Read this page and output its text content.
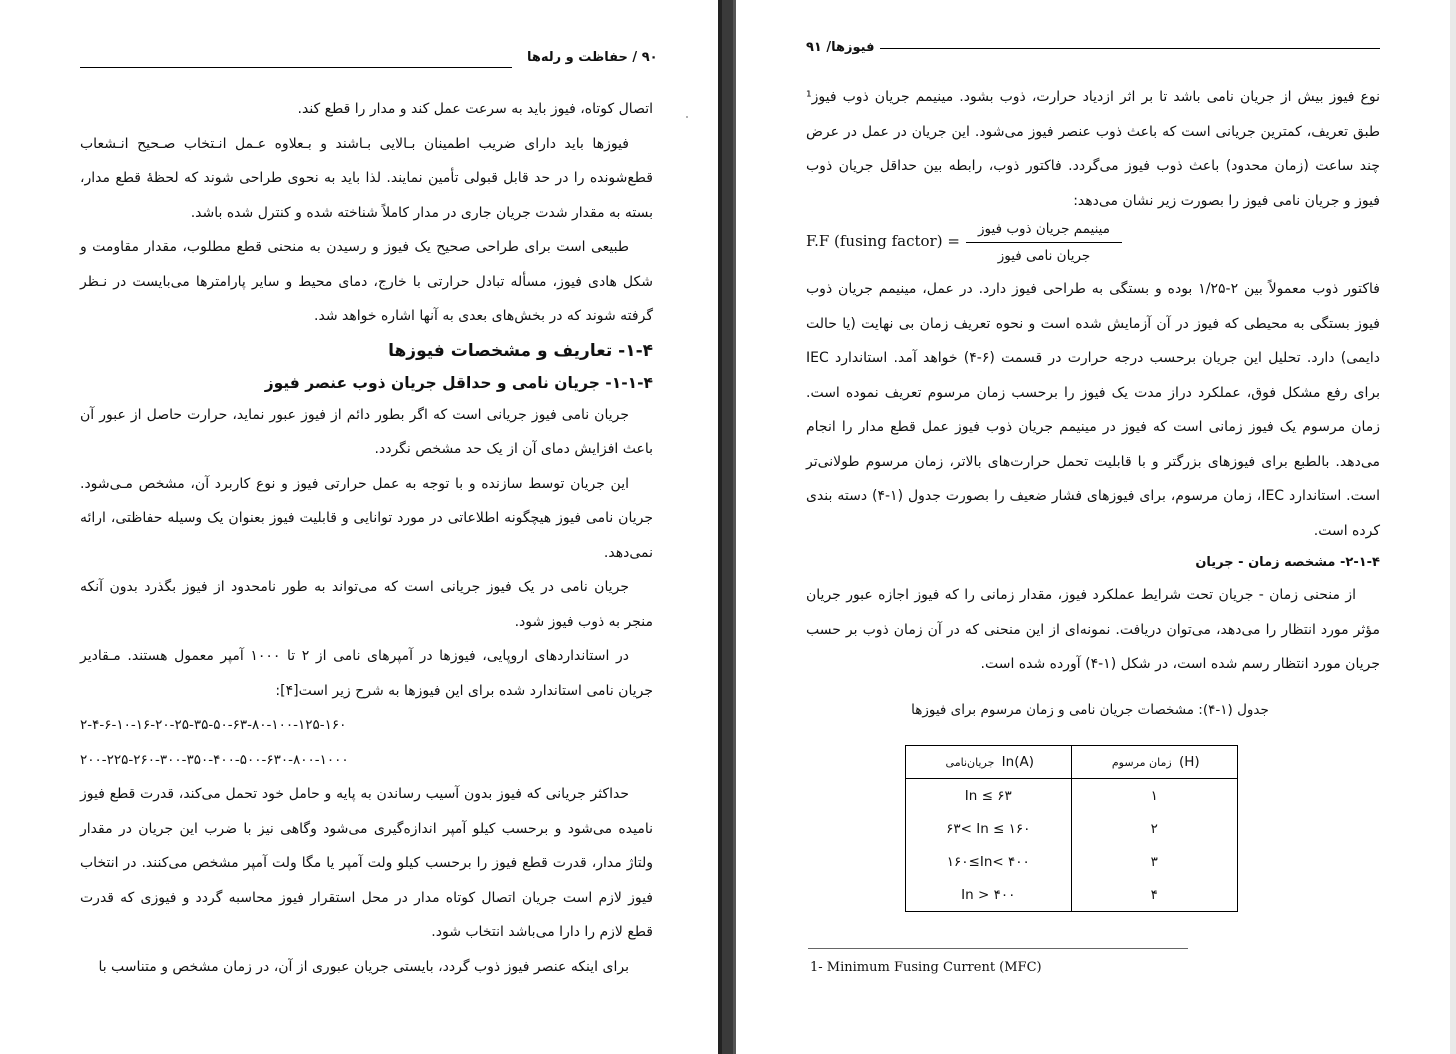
۹۰ / حفاظت و رله‌ها

اتصال کوتاه، فیوز باید به سرعت عمل کند و مدار را قطع کند.

فیوزها باید دارای ضریب اطمینان بـالایی بـاشند و بـعلاوه عـمل انـتخاب صـحیح انـشعاب قطع‌شونده را در حد قابل قبولی تأمین نمایند. لذا باید به نحوی طراحی شوند که لحظهٔ قطع مدار، بسته به مقدار شدت جریان جاری در مدار کاملاً شناخته شده و کنترل شده باشد.

طبیعی است برای طراحی صحیح یک فیوز و رسیدن به منحنی قطع مطلوب، مقدار مقاومت و شکل هادی فیوز، مسأله تبادل حرارتی با خارج، دمای محیط و سایر پارامترها می‌بایست در نـظر گرفته شوند که در بخش‌های بعدی به آنها اشاره خواهد شد.

۱-۴- تعاریف و مشخصات فیوزها

۱-۱-۴- جریان نامی و حداقل جریان ذوب عنصر فیوز

جریان نامی فیوز جریانی است که اگر بطور دائم از فیوز عبور نماید، حرارت حاصل از عبور آن باعث افزایش دمای آن از یک حد مشخص نگردد.

این جریان توسط سازنده و با توجه به عمل حرارتی فیوز و نوع کاربرد آن، مشخص مـی‌شود. جریان نامی فیوز هیچگونه اطلاعاتی در مورد توانایی و قابلیت فیوز بعنوان یک وسیله حفاظتی، ارائه نمی‌دهد.

جریان نامی در یک فیوز جریانی است که می‌تواند به طور نامحدود از فیوز بگذرد بدون آنکه منجر به ذوب فیوز شود.

در استانداردهای اروپایی، فیوزها در آمپرهای نامی از ۲ تا ۱۰۰۰ آمپر معمول هستند. مـقادیر جریان نامی استاندارد شده برای این فیوزها به شرح زیر است[۴]:

۲-۴-۶-۱۰-۱۶-۲۰-۲۵-۳۵-۵۰-۶۳-۸۰-۱۰۰-۱۲۵-۱۶۰

۲۰۰-۲۲۵-۲۶۰-۳۰۰-۳۵۰-۴۰۰-۵۰۰-۶۳۰-۸۰۰-۱۰۰۰

حداکثر جریانی که فیوز بدون آسیب رساندن به پایه و حامل خود تحمل می‌کند، قدرت قطع فیوز نامیده می‌شود و برحسب کیلو آمپر اندازه‌گیری می‌شود وگاهی نیز با ضرب این جریان در مقدار ولتاژ مدار، قدرت قطع فیوز را برحسب کیلو ولت آمپر یا مگا ولت آمپر مشخص می‌کنند. در انتخاب فیوز لازم است جریان اتصال کوتاه مدار در محل استقرار فیوز محاسبه گردد و فیوزی که قدرت قطع لازم را دارا می‌باشد انتخاب شود.

برای اینکه عنصر فیوز ذوب گردد، بایستی جریان عبوری از آن، در زمان مشخص و متناسب با

فیوزها/ ۹۱

نوع فیوز بیش از جریان نامی باشد تا بر اثر ازدیاد حرارت، ذوب بشود. مینیمم جریان ذوب فیوز¹ طبق تعریف، کمترین جریانی است که باعث ذوب عنصر فیوز می‌شود. این جریان در عمل در عرض چند ساعت (زمان محدود) باعث ذوب فیوز می‌گردد. فاکتور ذوب، رابطه بین حداقل جریان ذوب فیوز و جریان نامی فیوز را بصورت زیر نشان می‌دهد:

F.F (fusing factor) =
مینیمم جریان ذوب فیوز
جریان نامی فیوز

فاکتور ذوب معمولاً بین ۲-۱/۲۵ بوده و بستگی به طراحی فیوز دارد. در عمل، مینیمم جریان ذوب فیوز بستگی به محیطی که فیوز در آن آزمایش شده است و نحوه تعریف زمان بی نهایت (یا حالت دایمی) دارد. تحلیل این جریان برحسب درجه حرارت در قسمت (۶-۴) خواهد آمد. استاندارد IEC برای رفع مشکل فوق، عملکرد دراز مدت یک فیوز را برحسب زمان مرسوم تعریف نموده است. زمان مرسوم یک فیوز زمانی است که فیوز در مینیمم جریان ذوب فیوز عمل قطع مدار را انجام می‌دهد. بالطبع برای فیوزهای بزرگتر و با قابلیت تحمل حرارت‌های بالاتر، زمان مرسوم طولانی‌تر است. استاندارد IEC، زمان مرسوم، برای فیوزهای فشار ضعیف را بصورت جدول (۱-۴) دسته بندی کرده است.

۲-۱-۴- مشخصه زمان - جریان

از منحنی زمان - جریان تحت شرایط عملکرد فیوز، مقدار زمانی را که فیوز اجازه عبور جریان مؤثر مورد انتظار را می‌دهد، می‌توان دریافت. نمونه‌ای از این منحنی که در آن زمان ذوب بر حسب جریان مورد انتظار رسم شده است، در شکل (۱-۴) آورده شده است.

جدول (۱-۴): مشخصات جریان نامی و زمان مرسوم برای فیوزها
جریان‌نامی In(A)	زمان مرسوم (H)
In ≤ ۶۳	۱
۶۳< In ≤ ۱۶۰	۲
۱۶۰≤In< ۴۰۰	۳
In > ۴۰۰	۴
1- Minimum Fusing Current (MFC)
